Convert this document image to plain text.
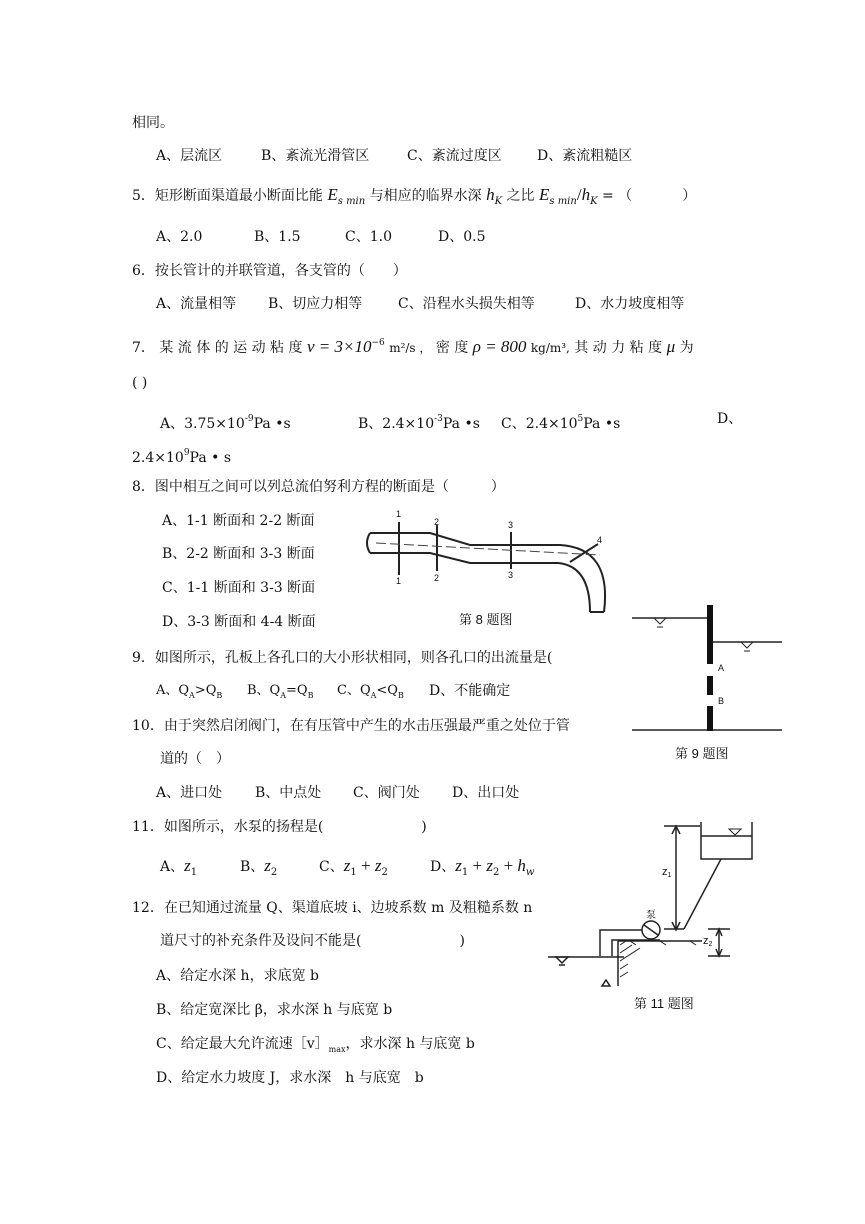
相同。
A、层流区	B、紊流光滑管区	C、紊流过度区	D、紊流粗糙区
5．矩形断面渠道最小断面比能 $E_{s min}$ 与相应的临界水深 $h_K$ 之比 $E_{s min}/h_K$ = （	）
A、2.0	B、1.5	C、1.0	D、0.5
6．按长管计的并联管道，各支管的（　　）
A、流量相等 B、切应力相等	C、沿程水头损失相等	D、水力坡度相等
7． 某 流 体 的 运 动 粘 度 $\nu = 3\times 10^{-6}$ m²/s ， 密 度 ρ = 800 kg/m³, 其 动 力 粘 度 μ 为
( )
A、$3.75\times 10^{-9}Pa$ •s	B、$2.4\times 10^{-3}Pa$ •s C、$2.4\times 10^5Pa$ •s	D、
$2.4\times 10^9Pa$ • s
8．图中相互之间可以列总流伯努利方程的断面是（　　　）
A、1-1 断面和 2-2 断面
B、2-2 断面和 3-3 断面
C、1-1 断面和 3-3 断面
D、3-3 断面和 4-4 断面
1
1
2
2
3
3
4
第 8 题图
A
B
第 9 题图
9．如图所示，孔板上各孔口的大小形状相同，则各孔口的出流量是(
A、$Q_A>Q_B$ B、$Q_A=Q_B$ C、$Q_A<Q_B$ D、不能确定
10．由于突然启闭阀门，在有压管中产生的水击压强最严重之处位于管
道的（　）
A、进口处 B、中点处 C、阀门处 D、出口处
11．如图所示，水泵的扬程是(　　　　　　　)
A、$z_1$	B、$z_2$	C、$z_1 + z_2$	D、$z_1 + z_2 + h_w$
泵
z1
z2
第 11 题图
12．在已知通过流量 Q、渠道底坡 i、边坡系数 m 及粗糙系数 n
道尺寸的补充条件及设问不能是(　　　　　　　)
A、给定水深 h，求底宽 b
B、给定宽深比 β，求水深 h 与底宽 b
C、给定最大允许流速$[v]_{max}$，求水深 h 与底宽 b
D、给定水力坡度 J，求水深　h 与底宽　b
